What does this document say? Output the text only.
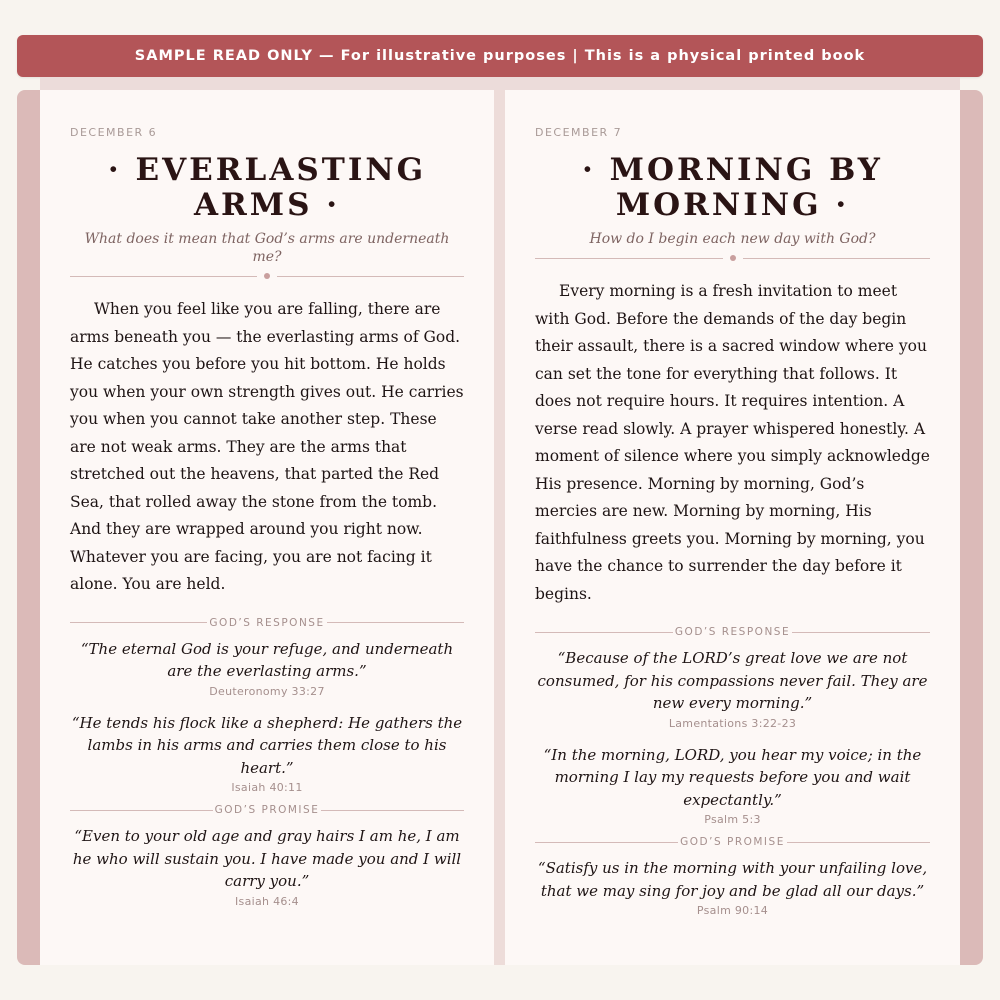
SAMPLE READ ONLY — For illustrative purposes | This is a physical printed book
DECEMBER 6
· EVERLASTING ARMS ·
What does it mean that God’s arms are underneath me?

When you feel like you are falling, there are arms beneath you — the everlasting arms of God. He catches you before you hit bottom. He holds you when your own strength gives out. He carries you when you cannot take another step. These are not weak arms. They are the arms that stretched out the heavens, that parted the Red Sea, that rolled away the stone from the tomb. And they are wrapped around you right now. Whatever you are facing, you are not facing it alone. You are held.

GOD’S RESPONSE

“The eternal God is your refuge, and underneath are the everlasting arms.”

Deuteronomy 33:27

“He tends his flock like a shepherd: He gathers the lambs in his arms and carries them close to his heart.”

Isaiah 40:11

GOD’S PROMISE

“Even to your old age and gray hairs I am he, I am he who will sustain you. I have made you and I will carry you.”

Isaiah 46:4

DECEMBER 7
· MORNING BY MORNING ·
How do I begin each new day with God?

Every morning is a fresh invitation to meet with God. Before the demands of the day begin their assault, there is a sacred window where you can set the tone for everything that follows. It does not require hours. It requires intention. A verse read slowly. A prayer whispered honestly. A moment of silence where you simply acknowledge His presence. Morning by morning, God’s mercies are new. Morning by morning, His faithfulness greets you. Morning by morning, you have the chance to surrender the day before it begins.

GOD’S RESPONSE

“Because of the LORD’s great love we are not consumed, for his compassions never fail. They are new every morning.”

Lamentations 3:22-23

“In the morning, LORD, you hear my voice; in the morning I lay my requests before you and wait expectantly.”

Psalm 5:3

GOD’S PROMISE

“Satisfy us in the morning with your unfailing love, that we may sing for joy and be glad all our days.”

Psalm 90:14
